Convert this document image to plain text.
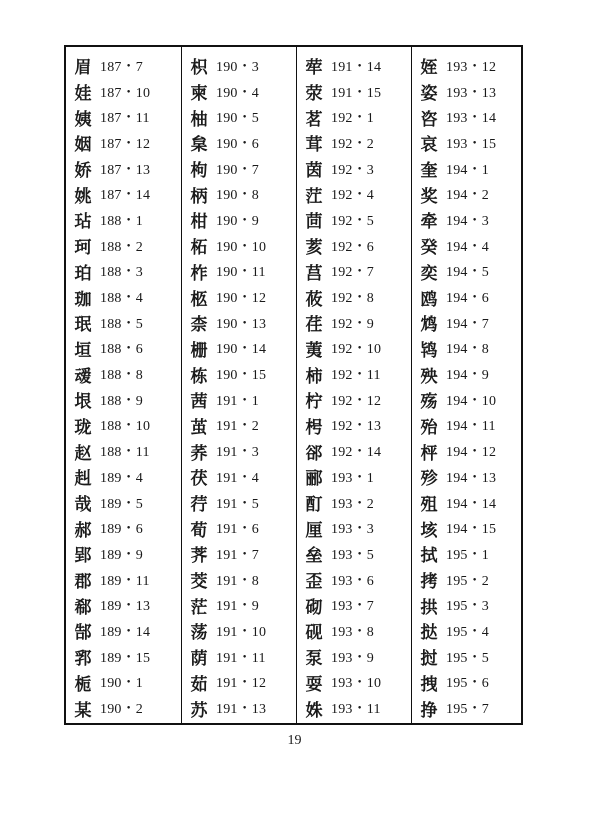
眉 187・7
娃 187・10
姨 187・11
姻 187・12
娇 187・13
姚 187・14
玷 188・1
珂 188・2
珀 188・3
珈 188・4
珉 188・5
垣 188・6
叆 188・8
垠 188・9
珑 188・10
赵 188・11
赳 189・4
哉 189・5
郝 189・6
郢 189・9
郡 189・11
郗 189・13
郜 189・14
郛 189・15
栀 190・1
某 190・2
枳 190・3
柬 190・4
柚 190・5
枲 190・6
枸 190・7
柄 190・8
柑 190・9
柘 190・10
柞 190・11
柩 190・12
柰 190・13
栅 190・14
栋 190・15
茜 191・1
茧 191・2
荞 191・3
茯 191・4
荇 191・5
荀 191・6
荠 191・7
茭 191・8
茫 191・9
荡 191・10
荫 191・11
茹 191・12
苏 191・13
荦 191・14
荥 191・15
茗 192・1
茸 192・2
茵 192・3
茳 192・4
茴 192・5
荄 192・6
莒 192・7
莜 192・8
荏 192・9
荑 192・10
柿 192・11
柠 192・12
枵 192・13
郤 192・14
郦 193・1
酊 193・2
厘 193・3
垒 193・5
歪 193・6
砌 193・7
砚 193・8
泵 193・9
耍 193・10
姝 193・11
姪 193・12
姿 193・13
咨 193・14
哀 193・15
奎 194・1
奖 194・2
牵 194・3
癸 194・4
奕 194・5
鸥 194・6
鸩 194・7
鸨 194・8
殃 194・9
殇 194・10
殆 194・11
枰 194・12
殄 194・13
殂 194・14
垓 194・15
拭 195・1
拷 195・2
拱 195・3
挞 195・4
挝 195・5
拽 195・6
挣 195・7
19
